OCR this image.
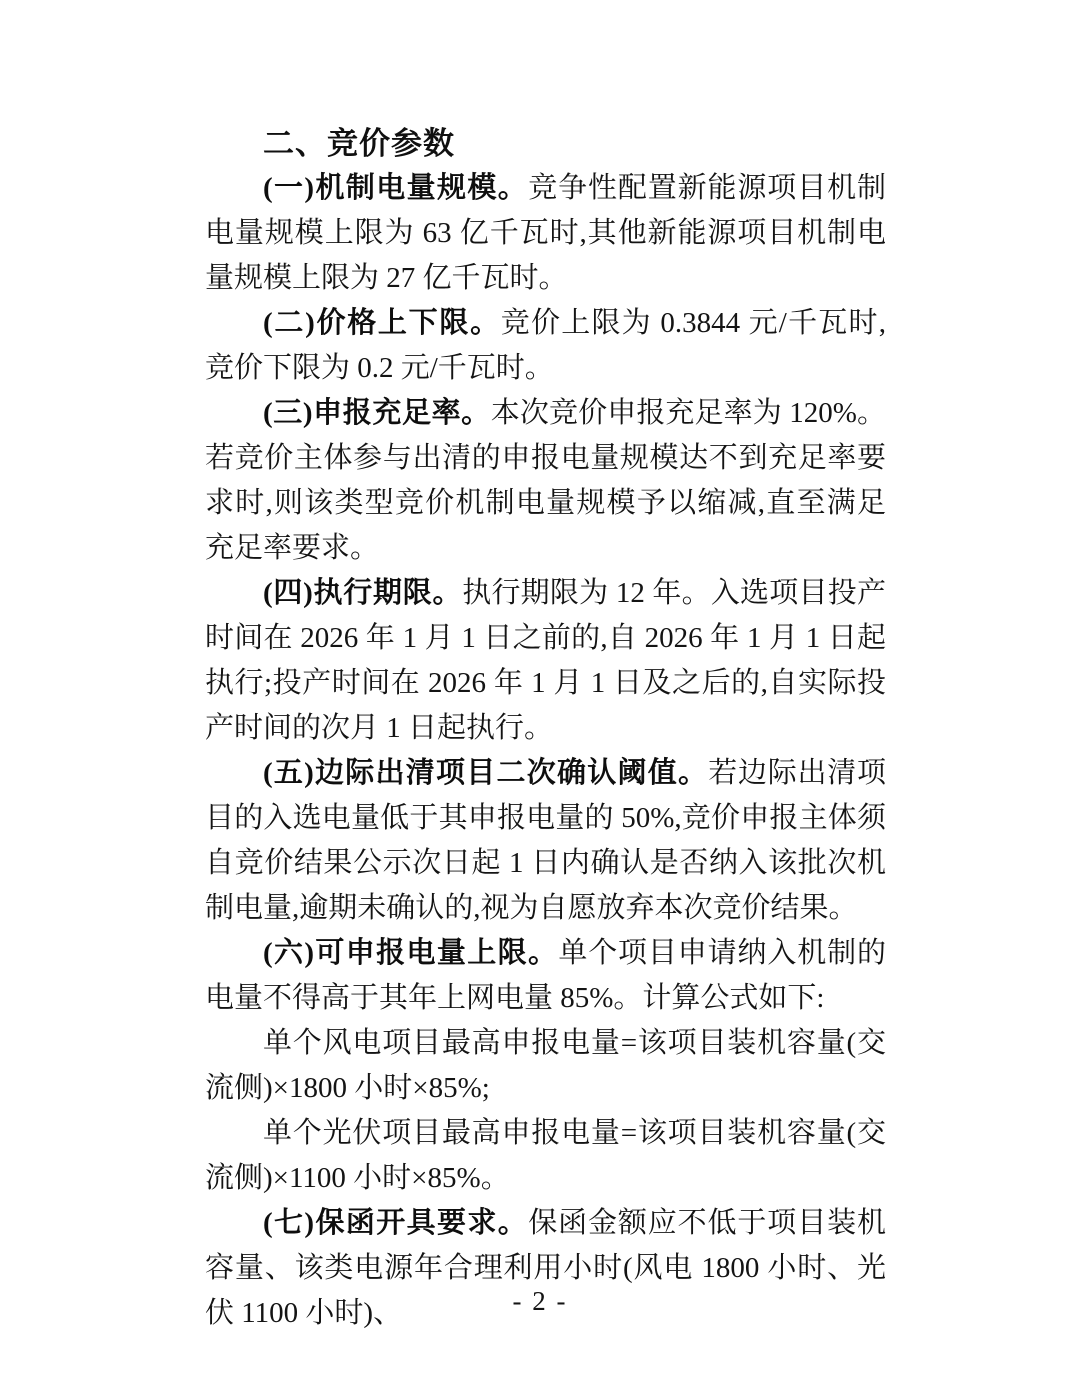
二、竞价参数

(一)机制电量规模。竞争性配置新能源项目机制电量规模上限为 63 亿千瓦时,其他新能源项目机制电量规模上限为 27 亿千瓦时。

(二)价格上下限。竞价上限为 0.3844 元/千瓦时,竞价下限为 0.2 元/千瓦时。

(三)申报充足率。本次竞价申报充足率为 120%。若竞价主体参与出清的申报电量规模达不到充足率要求时,则该类型竞价机制电量规模予以缩减,直至满足充足率要求。

(四)执行期限。执行期限为 12 年。入选项目投产时间在 2026 年 1 月 1 日之前的,自 2026 年 1 月 1 日起执行;投产时间在 2026 年 1 月 1 日及之后的,自实际投产时间的次月 1 日起执行。

(五)边际出清项目二次确认阈值。若边际出清项目的入选电量低于其申报电量的 50%,竞价申报主体须自竞价结果公示次日起 1 日内确认是否纳入该批次机制电量,逾期未确认的,视为自愿放弃本次竞价结果。

(六)可申报电量上限。单个项目申请纳入机制的电量不得高于其年上网电量 85%。计算公式如下:

单个风电项目最高申报电量=该项目装机容量(交流侧)×1800 小时×85%;

单个光伏项目最高申报电量=该项目装机容量(交流侧)×1100 小时×85%。

(七)保函开具要求。保函金额应不低于项目装机容量、该类电源年合理利用小时(风电 1800 小时、光伏 1100 小时)、	- 2 -
